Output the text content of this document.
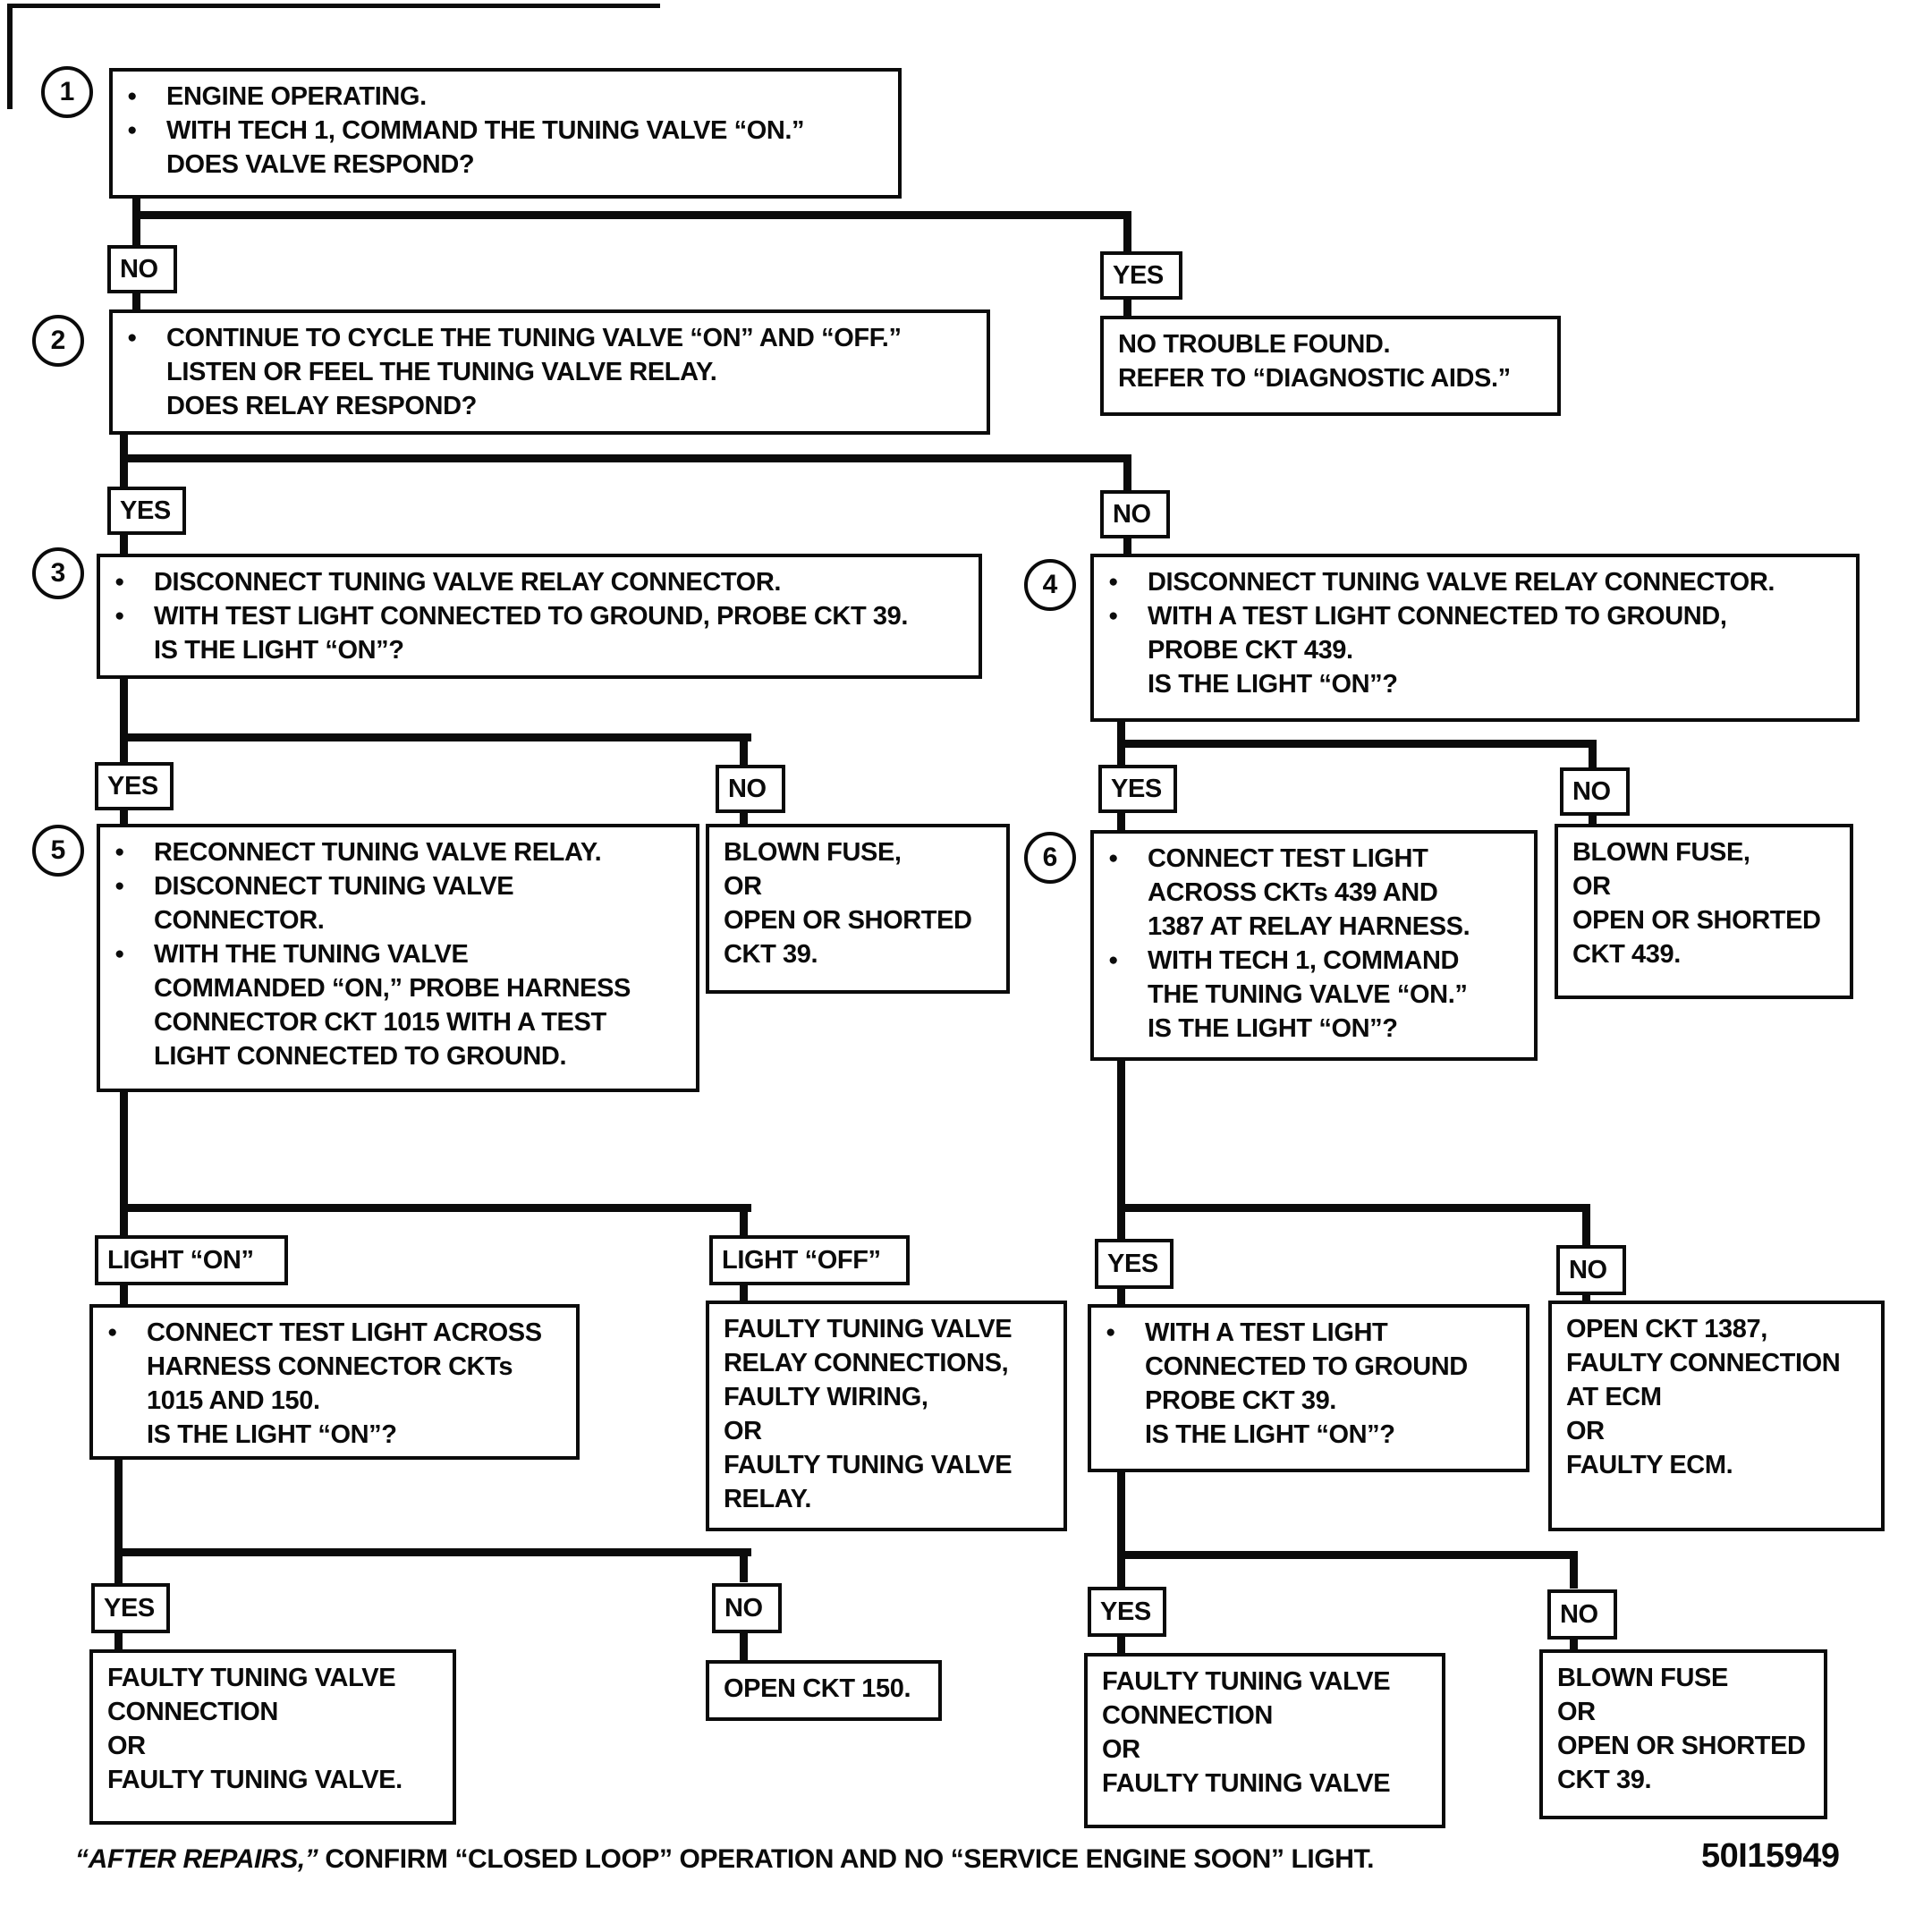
1
2
3	4
5	6
●	ENGINE OPERATING.
●	WITH TECH 1, COMMAND THE TUNING VALVE “ON.”
DOES VALVE RESPOND?
NO	YES
NO TROUBLE FOUND.
REFER TO “DIAGNOSTIC AIDS.”
●	CONTINUE TO CYCLE THE TUNING VALVE “ON” AND “OFF.”
LISTEN OR FEEL THE TUNING VALVE RELAY.
DOES RELAY RESPOND?
YES	NO
●	DISCONNECT TUNING VALVE RELAY CONNECTOR.
●	WITH TEST LIGHT CONNECTED TO GROUND, PROBE CKT 39.
IS THE LIGHT “ON”?
●	DISCONNECT TUNING VALVE RELAY CONNECTOR.
●	WITH A TEST LIGHT CONNECTED TO GROUND,
PROBE CKT 439.
IS THE LIGHT “ON”?
YES	NO	YES	NO
●	RECONNECT TUNING VALVE RELAY.
●	DISCONNECT TUNING VALVE
CONNECTOR.
●	WITH THE TUNING VALVE
COMMANDED “ON,” PROBE HARNESS
CONNECTOR CKT 1015 WITH A TEST
LIGHT CONNECTED TO GROUND.
BLOWN FUSE,
OR
OPEN OR SHORTED
CKT 39.
●	CONNECT TEST LIGHT
ACROSS CKTs 439 AND
1387 AT RELAY HARNESS.
●	WITH TECH 1, COMMAND
THE TUNING VALVE “ON.”
IS THE LIGHT “ON”?
BLOWN FUSE,
OR
OPEN OR SHORTED
CKT 439.
LIGHT “ON”	LIGHT “OFF”	YES	NO
●	CONNECT TEST LIGHT ACROSS
HARNESS CONNECTOR CKTs
1015 AND 150.
IS THE LIGHT “ON”?
FAULTY TUNING VALVE
RELAY CONNECTIONS,
FAULTY WIRING,
OR
FAULTY TUNING VALVE
RELAY.
●	WITH A TEST LIGHT
CONNECTED TO GROUND
PROBE CKT 39.
IS THE LIGHT “ON”?
OPEN CKT 1387,
FAULTY CONNECTION
AT ECM
OR
FAULTY ECM.
YES	NO	YES	NO
FAULTY TUNING VALVE
CONNECTION
OR
FAULTY TUNING VALVE.
OPEN CKT 150.	FAULTY TUNING VALVE
CONNECTION
OR
FAULTY TUNING VALVE
BLOWN FUSE
OR
OPEN OR SHORTED
CKT 39.
“AFTER REPAIRS,” CONFIRM “CLOSED LOOP” OPERATION AND NO “SERVICE ENGINE SOON” LIGHT.	50I15949
